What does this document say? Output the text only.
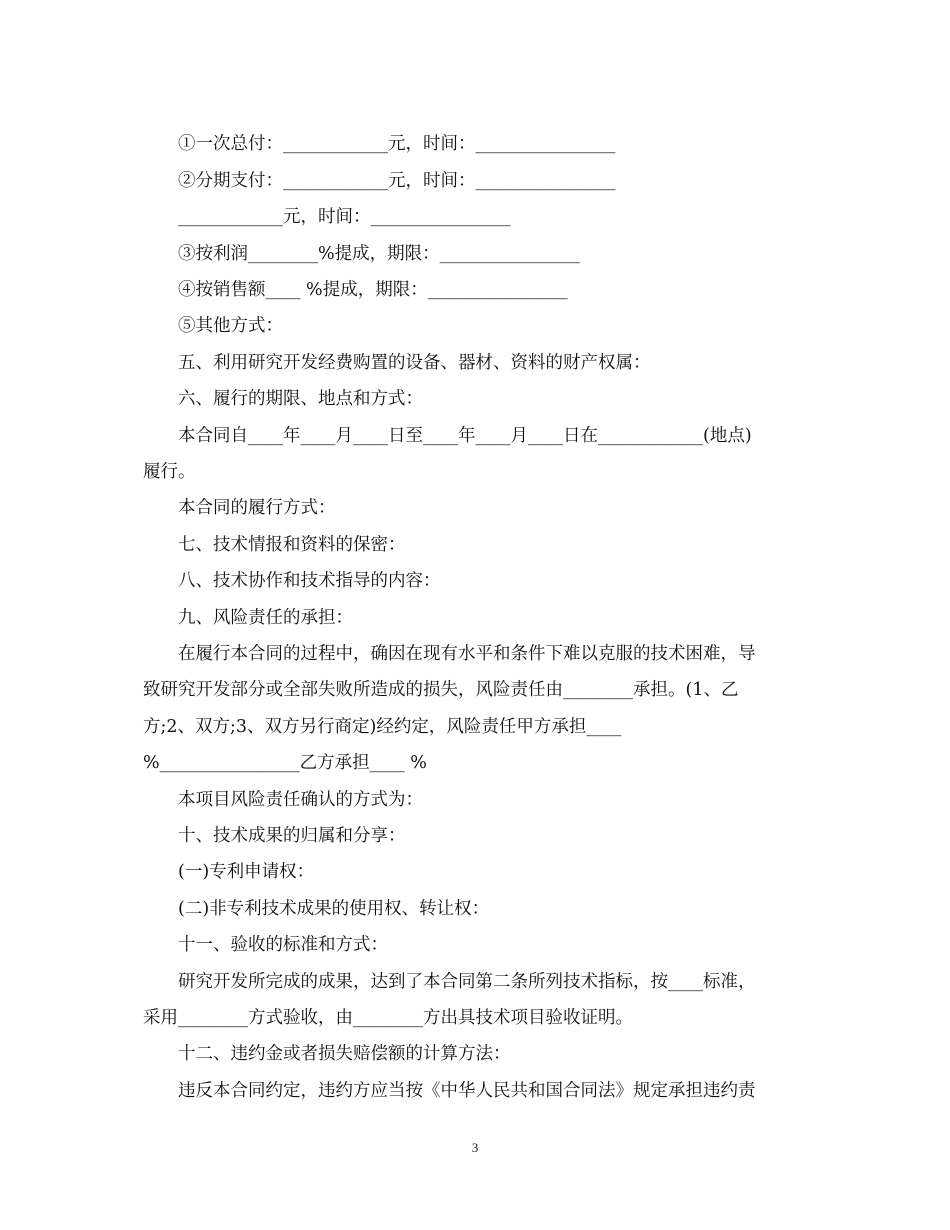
①一次总付：____________元，时间：________________
②分期支付：____________元，时间：________________
____________元，时间：________________
③按利润________%提成，期限：________________
④按销售额____ %提成，期限：________________
⑤其他方式：
五、利用研究开发经费购置的设备、器材、资料的财产权属：
六、履行的期限、地点和方式：
本合同自____年____月____日至____年____月____日在____________(地点)
履行。
本合同的履行方式：
七、技术情报和资料的保密：
八、技术协作和技术指导的内容：
九、风险责任的承担：
在履行本合同的过程中，确因在现有水平和条件下难以克服的技术困难，导
致研究开发部分或全部失败所造成的损失，风险责任由________承担。(1、乙
方;2、双方;3、双方另行商定)经约定，风险责任甲方承担____
%________________乙方承担____ %
本项目风险责任确认的方式为：
十、技术成果的归属和分享：
(一)专利申请权：
(二)非专利技术成果的使用权、转让权：
十一、验收的标准和方式：
研究开发所完成的成果，达到了本合同第二条所列技术指标，按____标准，
采用________方式验收，由________方出具技术项目验收证明。
十二、违约金或者损失赔偿额的计算方法：
违反本合同约定，违约方应当按《中华人民共和国合同法》规定承担违约责
3
